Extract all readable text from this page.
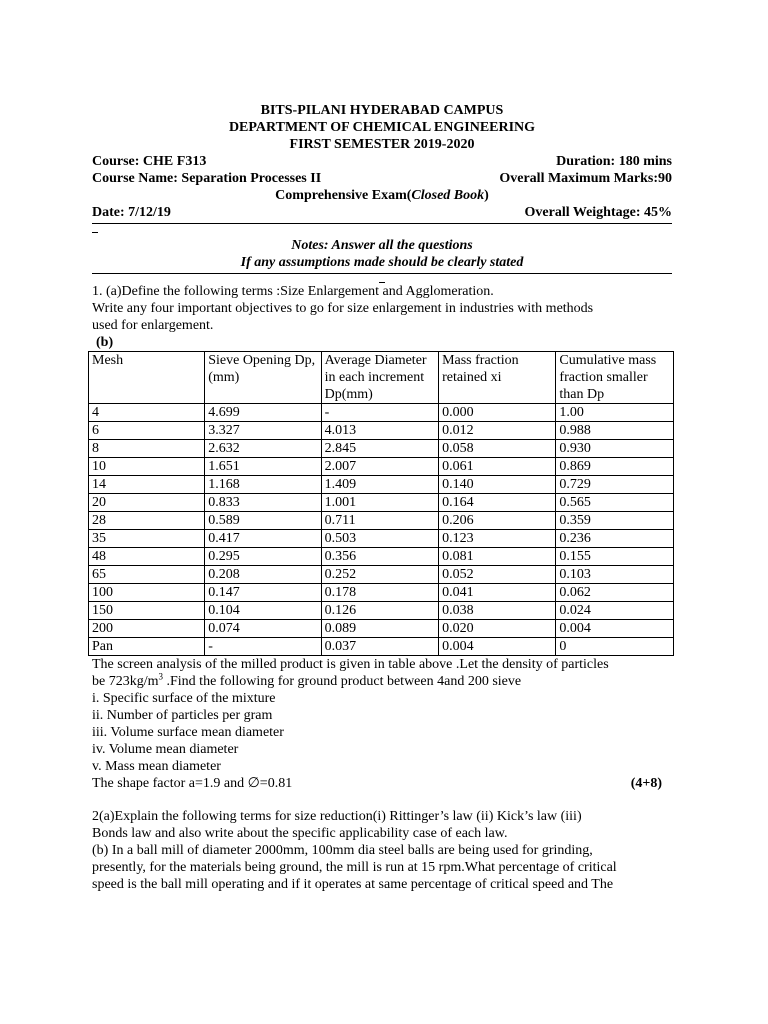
BITS-PILANI HYDERABAD CAMPUS
DEPARTMENT OF CHEMICAL ENGINEERING
FIRST SEMESTER 2019-2020
Course: CHE F313	Duration: 180 mins
Course Name: Separation Processes II	Overall Maximum Marks:90
Comprehensive Exam(Closed Book)
Date: 7/12/19	Overall Weightage: 45%
Notes: Answer all the questions
If any assumptions made should be clearly stated

1. (a)Define the following terms :Size Enlargement and Agglomeration.

Write any four important objectives to go for size enlargement in industries with methods

used for enlargement.

(b)

Mesh	Sieve Opening Dp,(mm)	Average Diameter in each increment Dp(mm)	Mass fraction retained xi	Cumulative mass fraction smaller than Dp
4	4.699	-	0.000	1.00
6	3.327	4.013	0.012	0.988
8	2.632	2.845	0.058	0.930
10	1.651	2.007	0.061	0.869
14	1.168	1.409	0.140	0.729
20	0.833	1.001	0.164	0.565
28	0.589	0.711	0.206	0.359
35	0.417	0.503	0.123	0.236
48	0.295	0.356	0.081	0.155
65	0.208	0.252	0.052	0.103
100	0.147	0.178	0.041	0.062
150	0.104	0.126	0.038	0.024
200	0.074	0.089	0.020	0.004
Pan	-	0.037	0.004	0

The screen analysis of the milled product is given in table above .Let the density of particles

be $723kg/m^3$ .Find the following for ground product between 4and 200 sieve

i. Specific surface of the mixture

ii. Number of particles per gram

iii. Volume surface mean diameter

iv. Volume mean diameter

v. Mass mean diameter

The shape factor a=1.9 and ∅=0.81	(4+8)

2(a)Explain the following terms for size reduction(i) Rittinger’s law (ii) Kick’s law (iii)

Bonds law and also write about the specific applicability case of each law.

(b) In a ball mill of diameter 2000mm, 100mm dia steel balls are being used for grinding,

presently, for the materials being ground, the mill is run at 15 rpm.What percentage of critical

speed is the ball mill operating and if it operates at same percentage of critical speed and The
